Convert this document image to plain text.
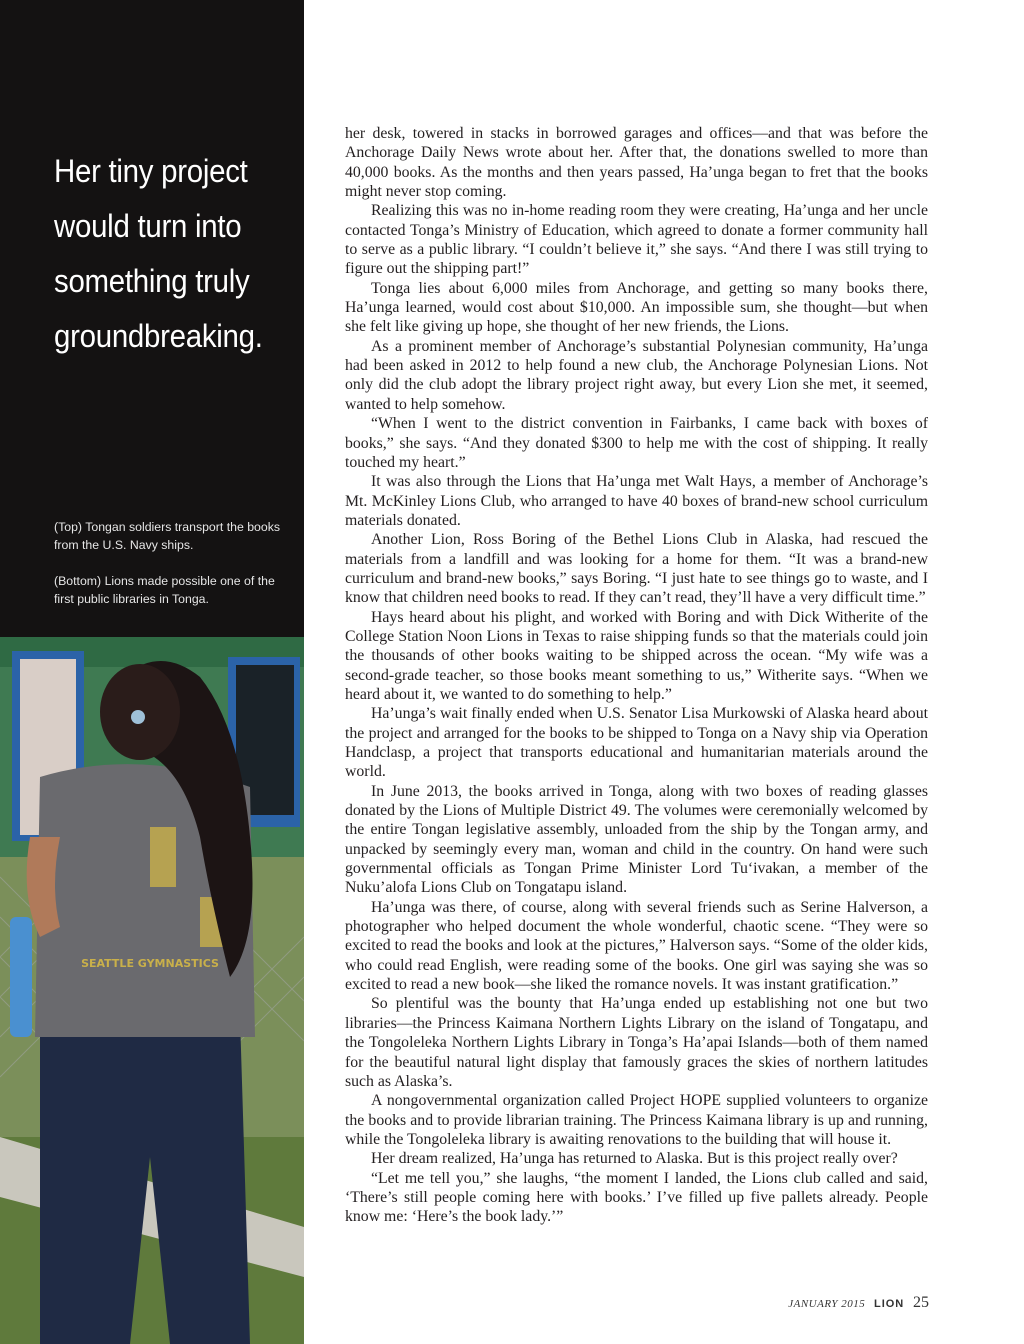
Her tiny project would turn into something truly groundbreaking.

(Top) Tongan soldiers transport the books from the U.S. Navy ships.

(Bottom) Lions made possible one of the first public libraries in Tonga.

SEATTLE GYMNASTICS

her desk, towered in stacks in borrowed garages and offices—and that was before the Anchorage Daily News wrote about her. After that, the donations swelled to more than 40,000 books. As the months and then years passed, Ha’unga began to fret that the books might never stop coming.

Realizing this was no in-home reading room they were creating, Ha’unga and her uncle contacted Tonga’s Ministry of Education, which agreed to donate a former community hall to serve as a public library. “I couldn’t believe it,” she says. “And there I was still trying to figure out the shipping part!”

Tonga lies about 6,000 miles from Anchorage, and getting so many books there, Ha’unga learned, would cost about $10,000. An impossible sum, she thought—but when she felt like giving up hope, she thought of her new friends, the Lions.

As a prominent member of Anchorage’s substantial Polynesian community, Ha’unga had been asked in 2012 to help found a new club, the Anchorage Polynesian Lions. Not only did the club adopt the library project right away, but every Lion she met, it seemed, wanted to help somehow.

“When I went to the district convention in Fairbanks, I came back with boxes of books,” she says. “And they donated $300 to help me with the cost of shipping. It really touched my heart.”

It was also through the Lions that Ha’unga met Walt Hays, a member of Anchorage’s Mt. McKinley Lions Club, who arranged to have 40 boxes of brand-new school curriculum materials donated.

Another Lion, Ross Boring of the Bethel Lions Club in Alaska, had rescued the materials from a landfill and was looking for a home for them. “It was a brand-new curriculum and brand-new books,” says Boring. “I just hate to see things go to waste, and I know that children need books to read. If they can’t read, they’ll have a very difficult time.”

Hays heard about his plight, and worked with Boring and with Dick Witherite of the College Station Noon Lions in Texas to raise shipping funds so that the materials could join the thousands of other books waiting to be shipped across the ocean. “My wife was a second-grade teacher, so those books meant something to us,” Witherite says. “When we heard about it, we wanted to do something to help.”

Ha’unga’s wait finally ended when U.S. Senator Lisa Murkowski of Alaska heard about the project and arranged for the books to be shipped to Tonga on a Navy ship via Operation Handclasp, a project that transports educational and humanitarian materials around the world.

In June 2013, the books arrived in Tonga, along with two boxes of reading glasses donated by the Lions of Multiple District 49. The volumes were ceremonially welcomed by the entire Tongan legislative assembly, unloaded from the ship by the Tongan army, and unpacked by seemingly every man, woman and child in the country. On hand were such governmental officials as Tongan Prime Minister Lord Tu‘ivakan, a member of the Nuku’alofa Lions Club on Tongatapu island.

Ha’unga was there, of course, along with several friends such as Serine Halverson, a photographer who helped document the whole wonderful, chaotic scene. “They were so excited to read the books and look at the pictures,” Halverson says. “Some of the older kids, who could read English, were reading some of the books. One girl was saying she was so excited to read a new book—she liked the romance novels. It was instant gratification.”

So plentiful was the bounty that Ha’unga ended up establishing not one but two libraries—the Princess Kaimana Northern Lights Library on the island of Tongatapu, and the Tongoleleka Northern Lights Library in Tonga’s Ha’apai Islands—both of them named for the beautiful natural light display that famously graces the skies of northern latitudes such as Alaska’s.

A nongovernmental organization called Project HOPE supplied volunteers to organize the books and to provide librarian training. The Princess Kaimana library is up and running, while the Tongoleleka library is awaiting renovations to the building that will house it.

Her dream realized, Ha’unga has returned to Alaska. But is this project really over?

“Let me tell you,” she laughs, “the moment I landed, the Lions club called and said, ‘There’s still people coming here with books.’ I’ve filled up five pallets already. People know me: ‘Here’s the book lady.’”

JANUARY 2015 LION 25
